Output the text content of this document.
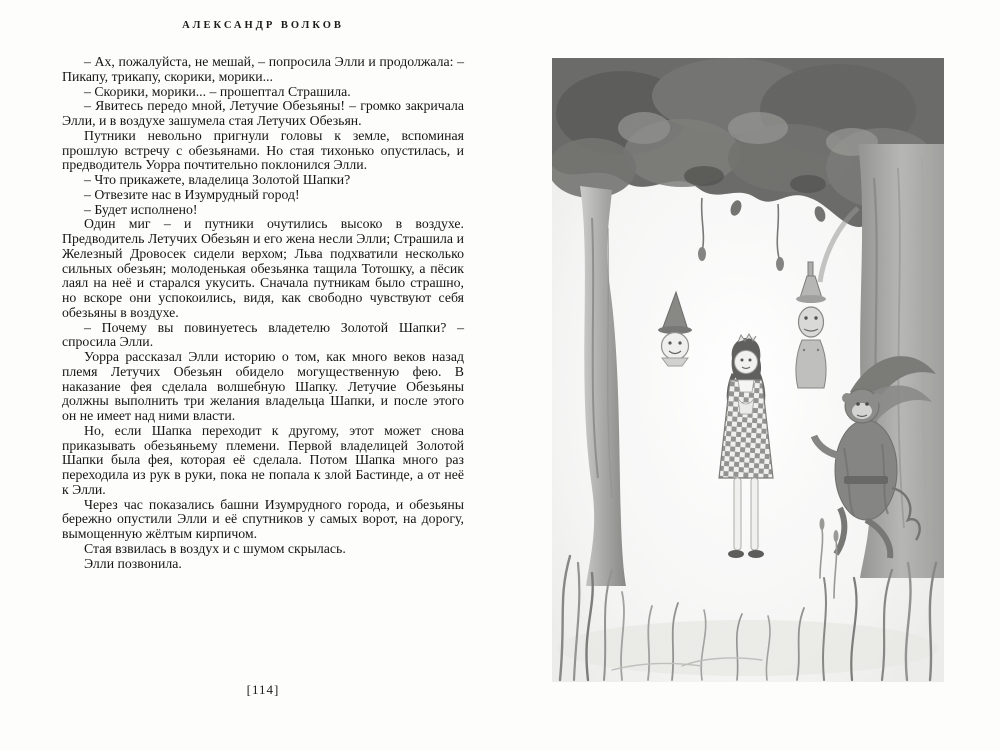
АЛЕКСАНДР ВОЛКОВ

– Ах, пожалуйста, не мешай, – попросила Элли и продолжала: – Пикапу, трикапу, скорики, морики...

– Скорики, морики... – прошептал Страшила.

– Явитесь передо мной, Летучие Обезьяны! – громко закричала Элли, и в воздухе зашумела стая Летучих Обезьян.

Путники невольно пригнули головы к земле, вспоминая прошлую встречу с обезьянами. Но стая тихонько опустилась, и предводитель Уорра почтительно поклонился Элли.

– Что прикажете, владелица Золотой Шапки?

– Отвезите нас в Изумрудный город!

– Будет исполнено!

Один миг – и путники очутились высоко в воздухе. Предводитель Летучих Обезьян и его жена несли Элли; Страшила и Железный Дровосек сидели верхом; Льва подхватили несколько сильных обезьян; молоденькая обезьянка тащила Тотошку, а пёсик лаял на неё и старался укусить. Сначала путникам было страшно, но вскоре они успокоились, видя, как свободно чувствуют себя обезьяны в воздухе.

– Почему вы повинуетесь владетелю Золотой Шапки? – спросила Элли.

Уорра рассказал Элли историю о том, как много веков назад племя Летучих Обезьян обидело могущественную фею. В наказание фея сделала волшебную Шапку. Летучие Обезьяны должны выполнить три желания владельца Шапки, и после этого он не имеет над ними власти.

Но, если Шапка переходит к другому, этот может снова приказывать обезьяньему племени. Первой владелицей Золотой Шапки была фея, которая её сделала. Потом Шапка много раз переходила из рук в руки, пока не попала к злой Бастинде, а от неё к Элли.

Через час показались башни Изумрудного города, и обезьяны бережно опустили Элли и её спутников у самых ворот, на дорогу, вымощенную жёлтым кирпичом.

Стая взвилась в воздух и с шумом скрылась.

Элли позвонила.

[114]
